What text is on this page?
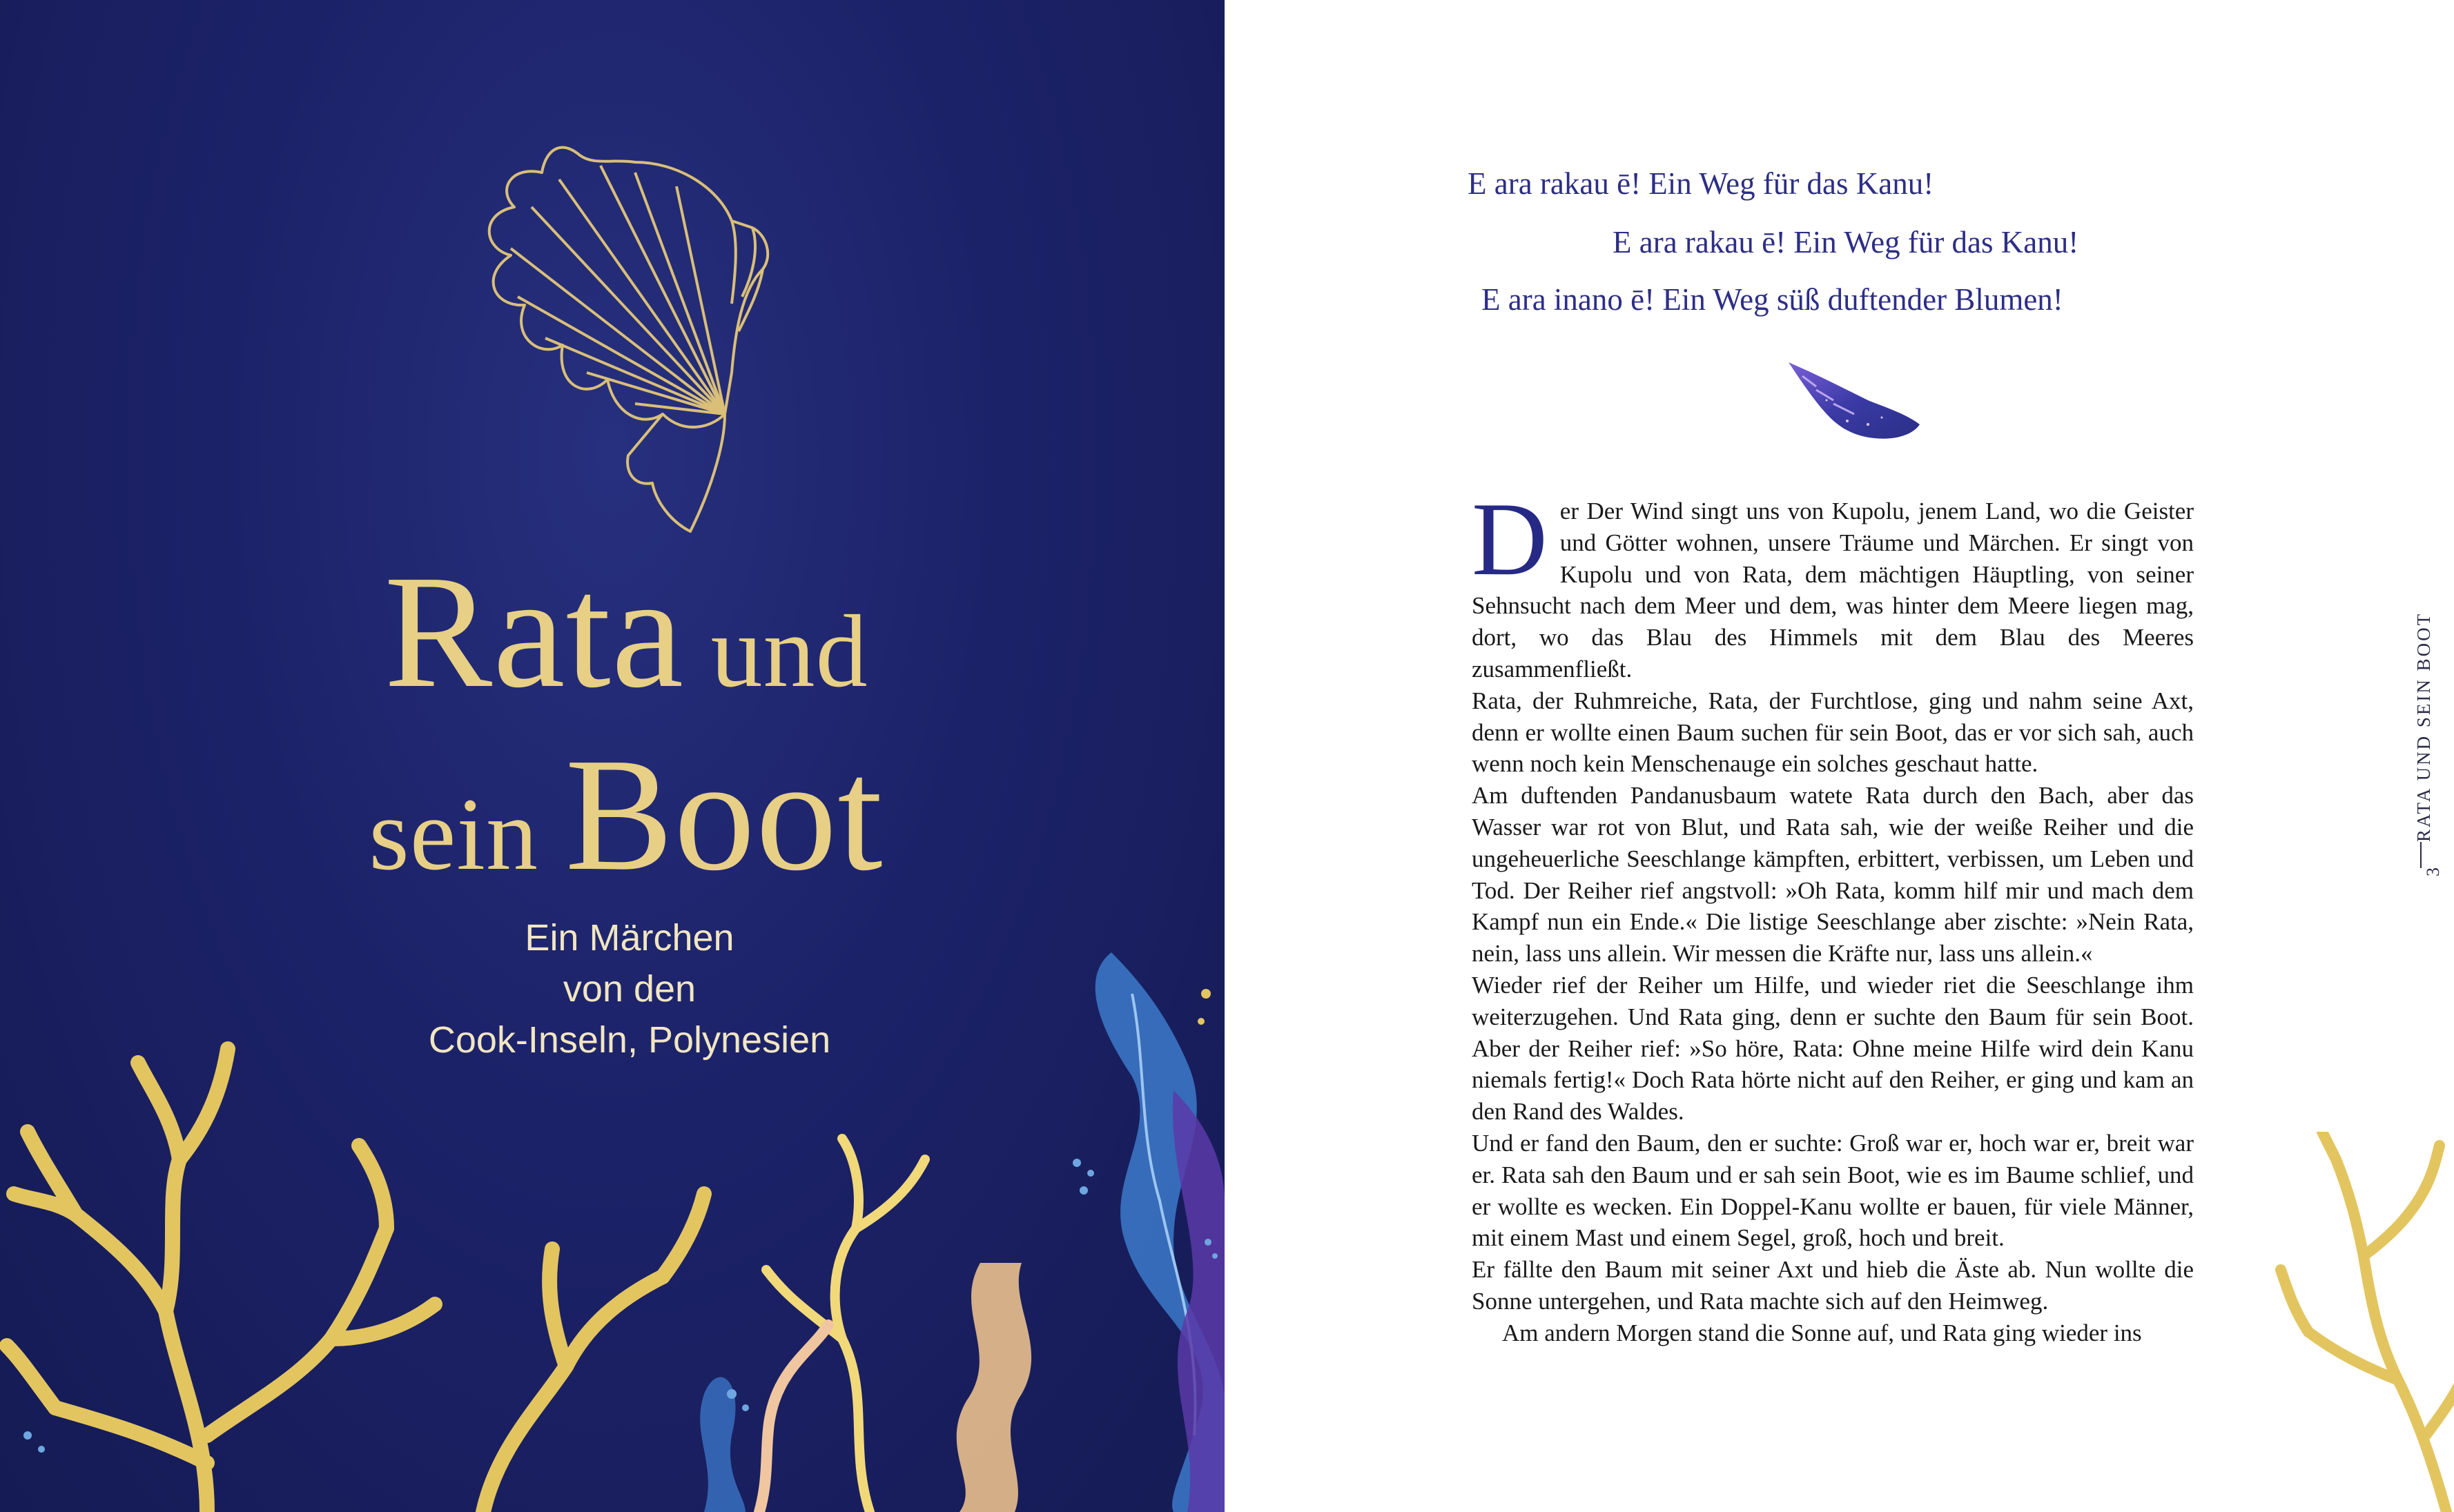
Rata und
sein Boot
Ein Märchen
von den
Cook-Inseln, Polynesien
E ara rakau ē! Ein Weg für das Kanu!
E ara rakau ē! Ein Weg für das Kanu!
E ara inano ē! Ein Weg süß duftender Blumen!
D er Der Wind singt uns von Kupolu, jenem Land, wo die Geister und Götter wohnen, unsere Träume und Märchen. Er singt von Kupolu und von Rata, dem mächtigen Häuptling, von seiner Sehnsucht nach dem Meer und dem, was hinter dem Meere liegen mag, dort, wo das Blau des Himmels mit dem Blau des Meeres zusammenfließt.

Rata, der Ruhmreiche, Rata, der Furchtlose, ging und nahm seine Axt, denn er wollte einen Baum suchen für sein Boot, das er vor sich sah, auch wenn noch kein Menschenauge ein solches geschaut hatte.

Am duftenden Pandanusbaum watete Rata durch den Bach, aber das Wasser war rot von Blut, und Rata sah, wie der weiße Reiher und die ungeheuerliche Seeschlange kämpften, erbittert, verbissen, um Leben und Tod. Der Reiher rief angstvoll: »Oh Rata, komm hilf mir und mach dem Kampf nun ein Ende.« Die listige Seeschlange aber zischte: »Nein Rata, nein, lass uns allein. Wir messen die Kräfte nur, lass uns allein.«

Wieder rief der Reiher um Hilfe, und wieder riet die Seeschlange ihm weiterzugehen. Und Rata ging, denn er suchte den Baum für sein Boot. Aber der Reiher rief: »So höre, Rata: Ohne meine Hilfe wird dein Kanu niemals fertig!« Doch Rata hörte nicht auf den Reiher, er ging und kam an den Rand des Waldes.

Und er fand den Baum, den er suchte: Groß war er, hoch war er, breit war er. Rata sah den Baum und er sah sein Boot, wie es im Baume schlief, und er wollte es wecken. Ein Doppel-Kanu wollte er bauen, für viele Männer, mit einem Mast und einem Segel, groß, hoch und breit.

Er fällte den Baum mit seiner Axt und hieb die Äste ab. Nun wollte die Sonne untergehen, und Rata machte sich auf den Heimweg.

Am andern Morgen stand die Sonne auf, und Rata ging wieder ins

RATA UND SEIN BOOT
3
